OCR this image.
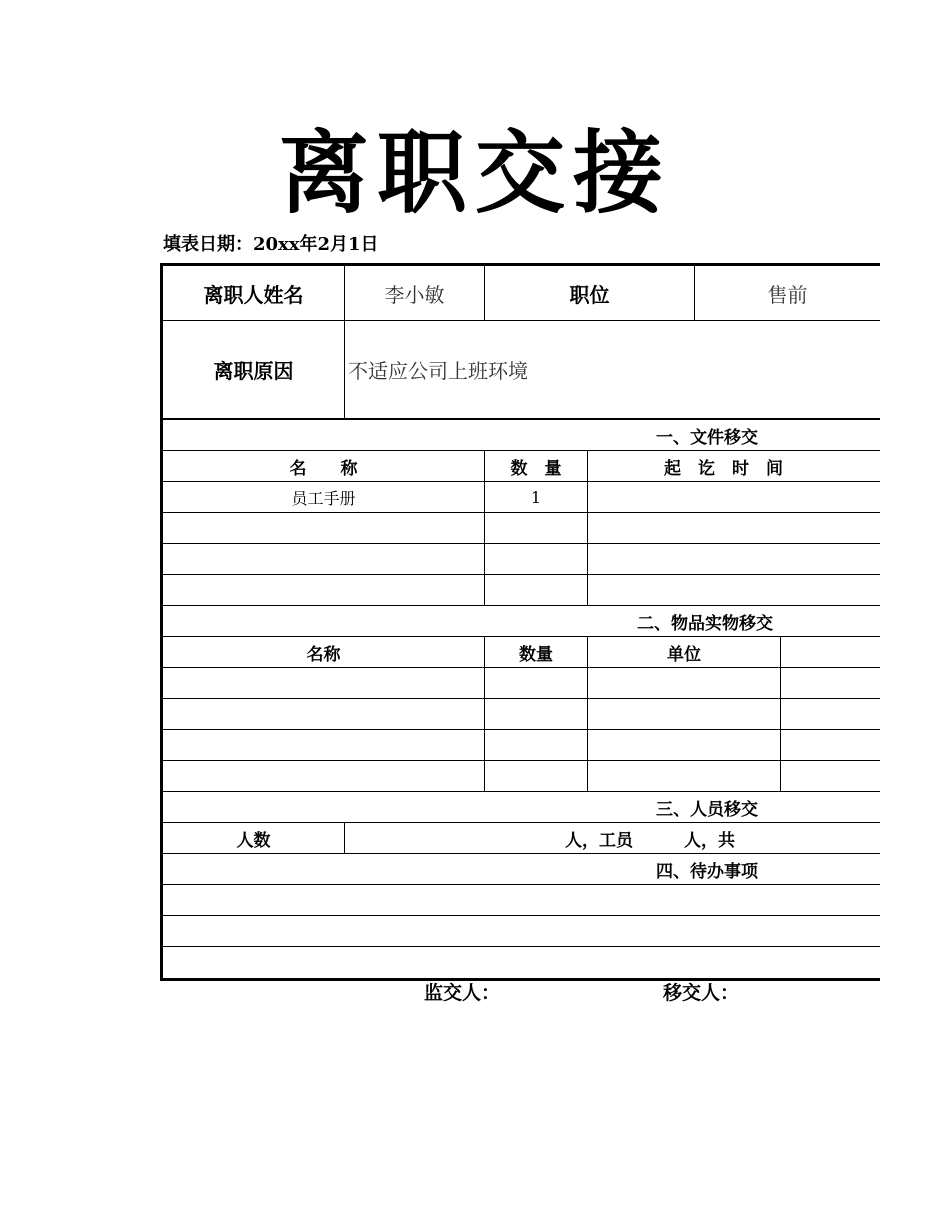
离职交接
填表日期：20xx年2月1日
离职人姓名	李小敏	职位	售前
离职原因	不适应公司上班环境
一、文件移交
名　　称	数　量	起　讫　时　间
员工手册	1
二、物品实物移交
名称	数量	单位
三、人员移交
人数	人，工员　　　人，共
四、待办事项
监交人：	移交人：
